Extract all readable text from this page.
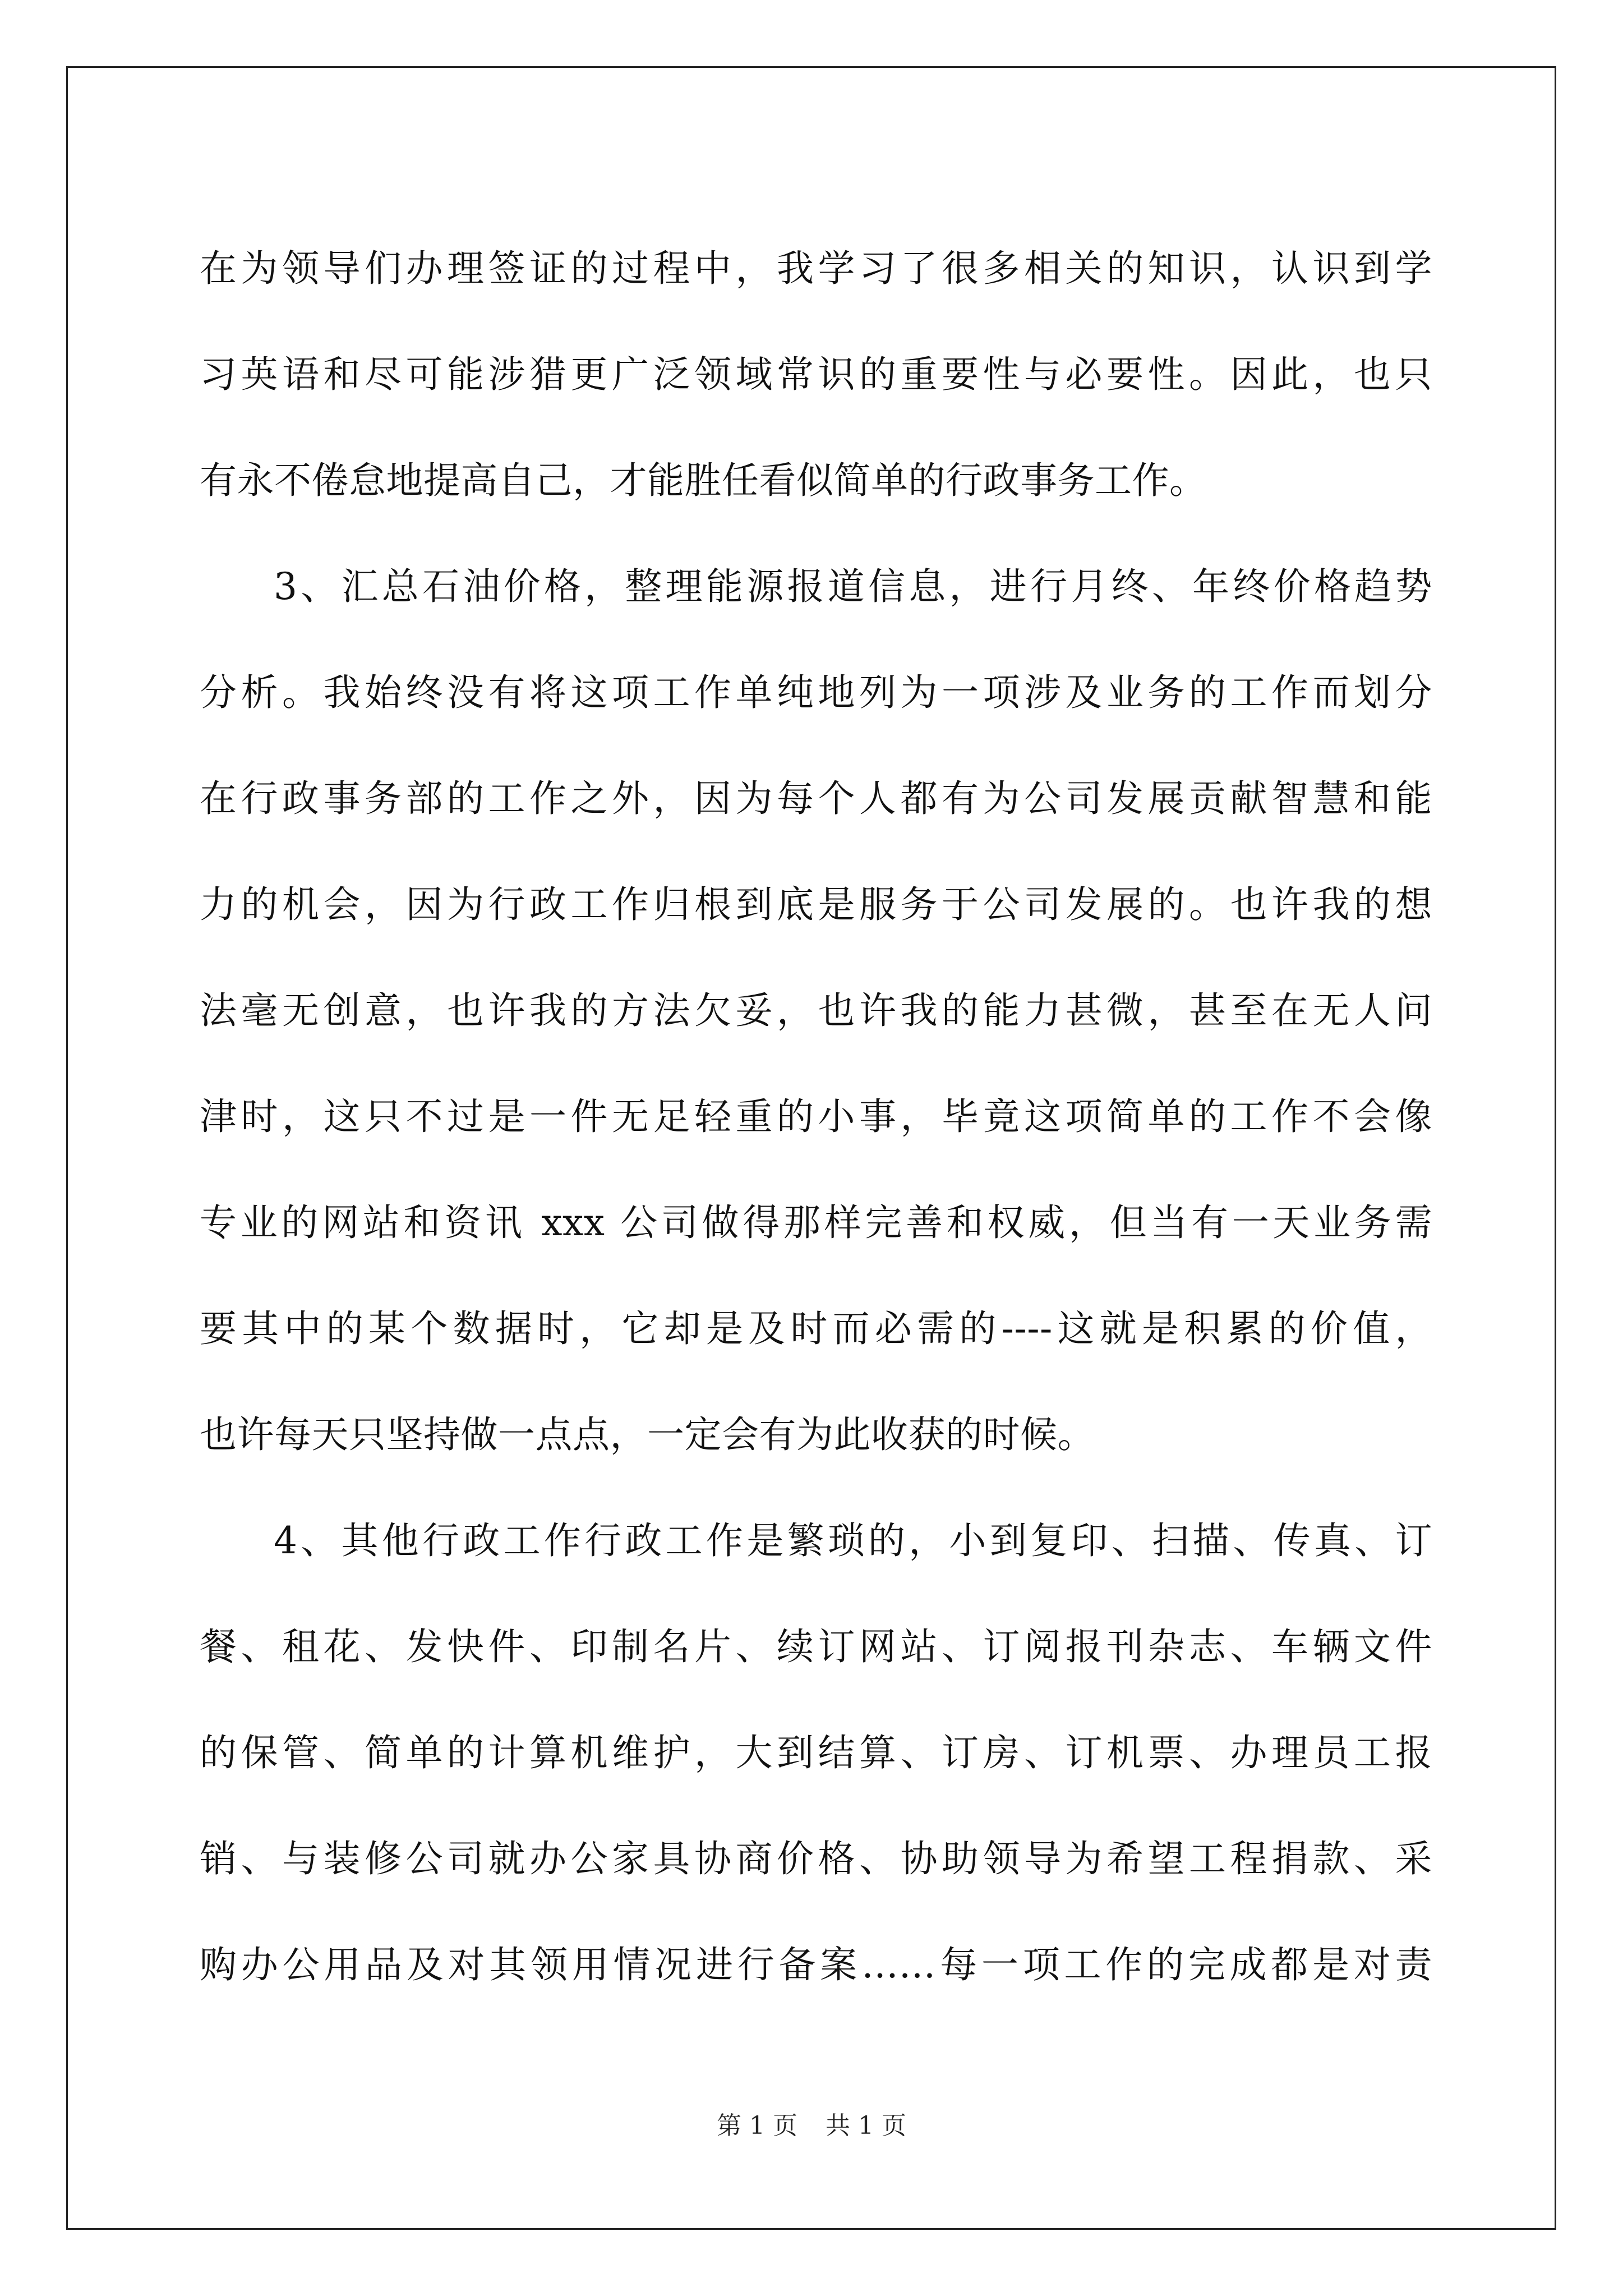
在为领导们办理签证的过程中，我学习了很多相关的知识，认识到学
习英语和尽可能涉猎更广泛领域常识的重要性与必要性。因此，也只
有永不倦怠地提高自己，才能胜任看似简单的行政事务工作。
3、汇总石油价格，整理能源报道信息，进行月终、年终价格趋势
分析。我始终没有将这项工作单纯地列为一项涉及业务的工作而划分
在行政事务部的工作之外，因为每个人都有为公司发展贡献智慧和能
力的机会，因为行政工作归根到底是服务于公司发展的。也许我的想
法毫无创意，也许我的方法欠妥，也许我的能力甚微，甚至在无人问
津时，这只不过是一件无足轻重的小事，毕竟这项简单的工作不会像
专业的网站和资讯 xxx 公司做得那样完善和权威，但当有一天业务需
要其中的某个数据时，它却是及时而必需的----这就是积累的价值，
也许每天只坚持做一点点，一定会有为此收获的时候。
4、其他行政工作行政工作是繁琐的，小到复印、扫描、传真、订
餐、租花、发快件、印制名片、续订网站、订阅报刊杂志、车辆文件
的保管、简单的计算机维护，大到结算、订房、订机票、办理员工报
销、与装修公司就办公家具协商价格、协助领导为希望工程捐款、采
购办公用品及对其领用情况进行备案……每一项工作的完成都是对责
第 1 页 共 1 页
